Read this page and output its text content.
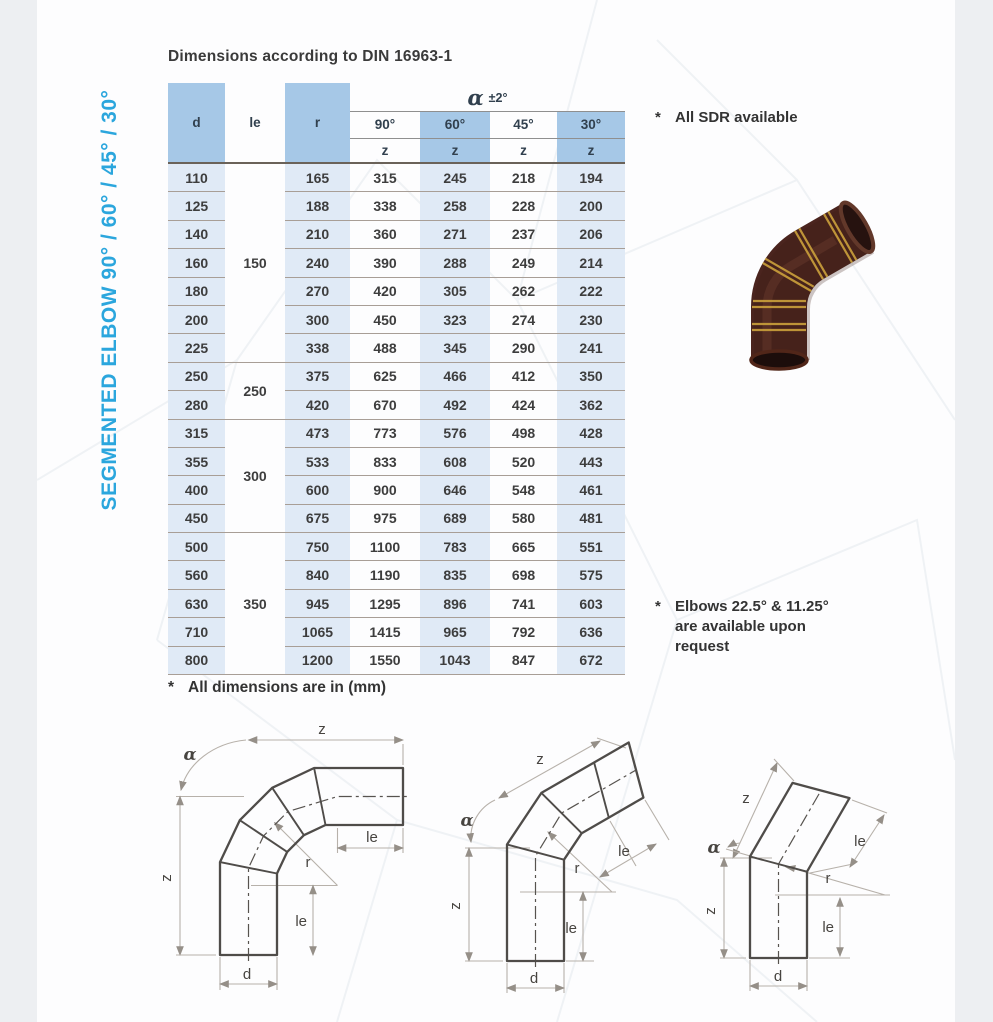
SEGMENTED ELBOW 90° / 60° / 45° / 30°
Dimensions according to DIN 16963-1
d	le	r	α ±2°			
			90°	60°	45°	30°
			z	z	z	z
110	150	165	315	245	218	194
125		188	338	258	228	200
140		210	360	271	237	206
160		240	390	288	249	214
180		270	420	305	262	222
200		300	450	323	274	230
225		338	488	345	290	241
250	250	375	625	466	412	350
280		420	670	492	424	362
315	300	473	773	576	498	428
355		533	833	608	520	443
400		600	900	646	548	461
450		675	975	689	580	481
500	350	750	1100	783	665	551
560		840	1190	835	698	575
630		945	1295	896	741	603
710		1065	1415	965	792	636
800		1200	1550	1043	847	672
* All SDR available
* Elbows 22.5° & 11.25°
are available upon
request
* All dimensions are in (mm)
z
α
z
le
r
le
d
z
α
z
le
r
le
d
z
α
z
le
r
le
d
